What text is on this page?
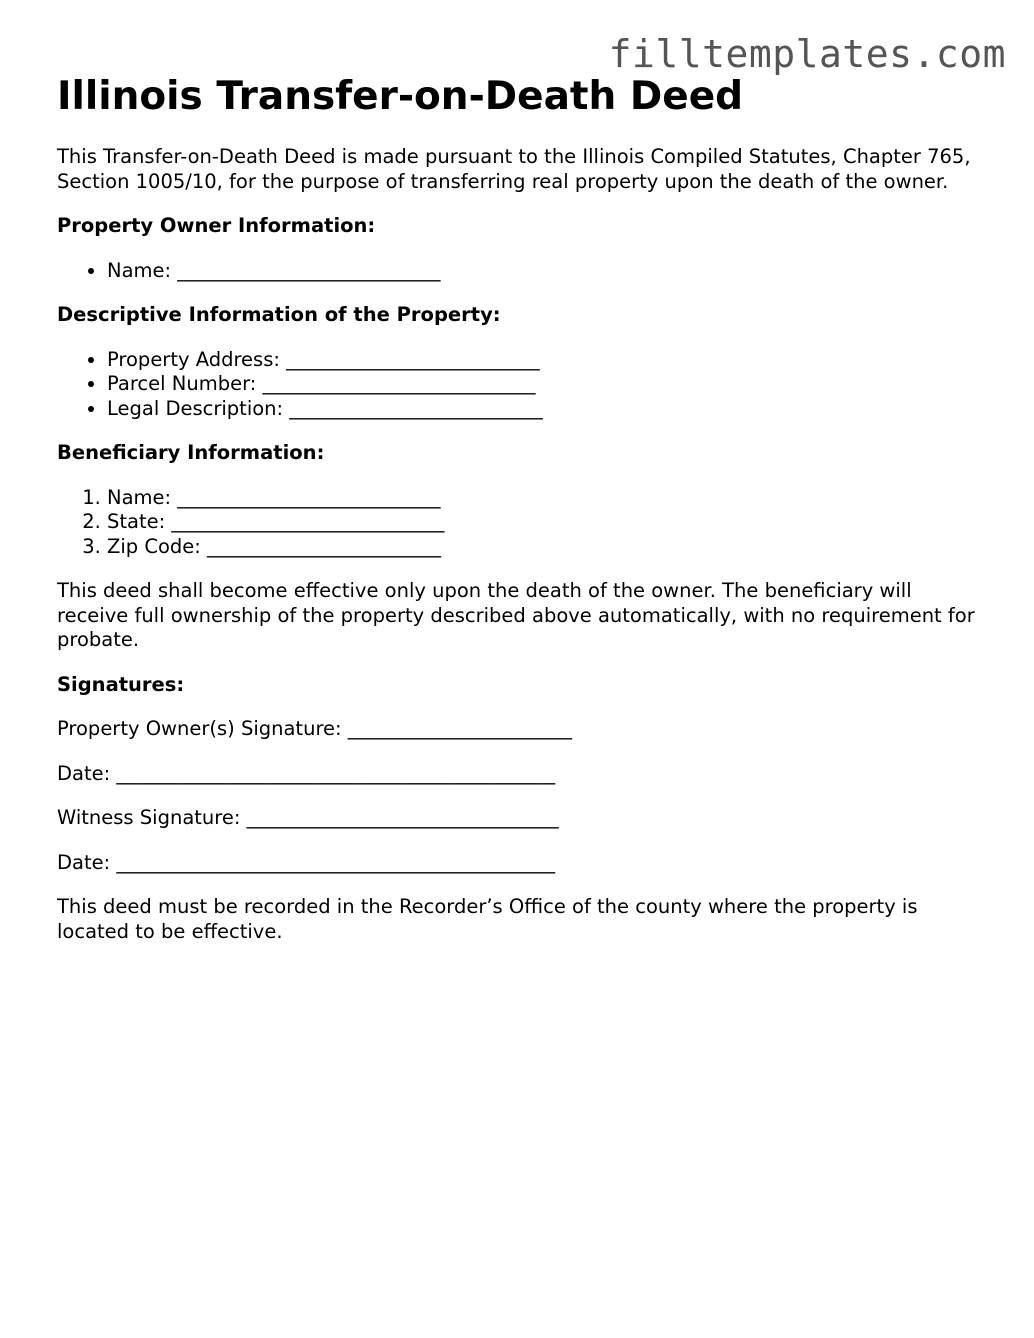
filltemplates.com
Illinois Transfer-on-Death Deed

This Transfer-on-Death Deed is made pursuant to the Illinois Compiled Statutes, Chapter 765, Section 1005/10, for the purpose of transferring real property upon the death of the owner.

Property Owner Information:

• Name: ___________________________

Descriptive Information of the Property:

• Property Address: __________________________
• Parcel Number: ____________________________
• Legal Description: __________________________

Beneficiary Information:

1. Name: ___________________________
2. State: ____________________________
3. Zip Code: ________________________

This deed shall become effective only upon the death of the owner. The beneficiary will receive full ownership of the property described above automatically, with no requirement for probate.

Signatures:

Property Owner(s) Signature: _______________________

Date: _____________________________________________

Witness Signature: ________________________________

Date: _____________________________________________

This deed must be recorded in the Recorder’s Office of the county where the property is located to be effective.
